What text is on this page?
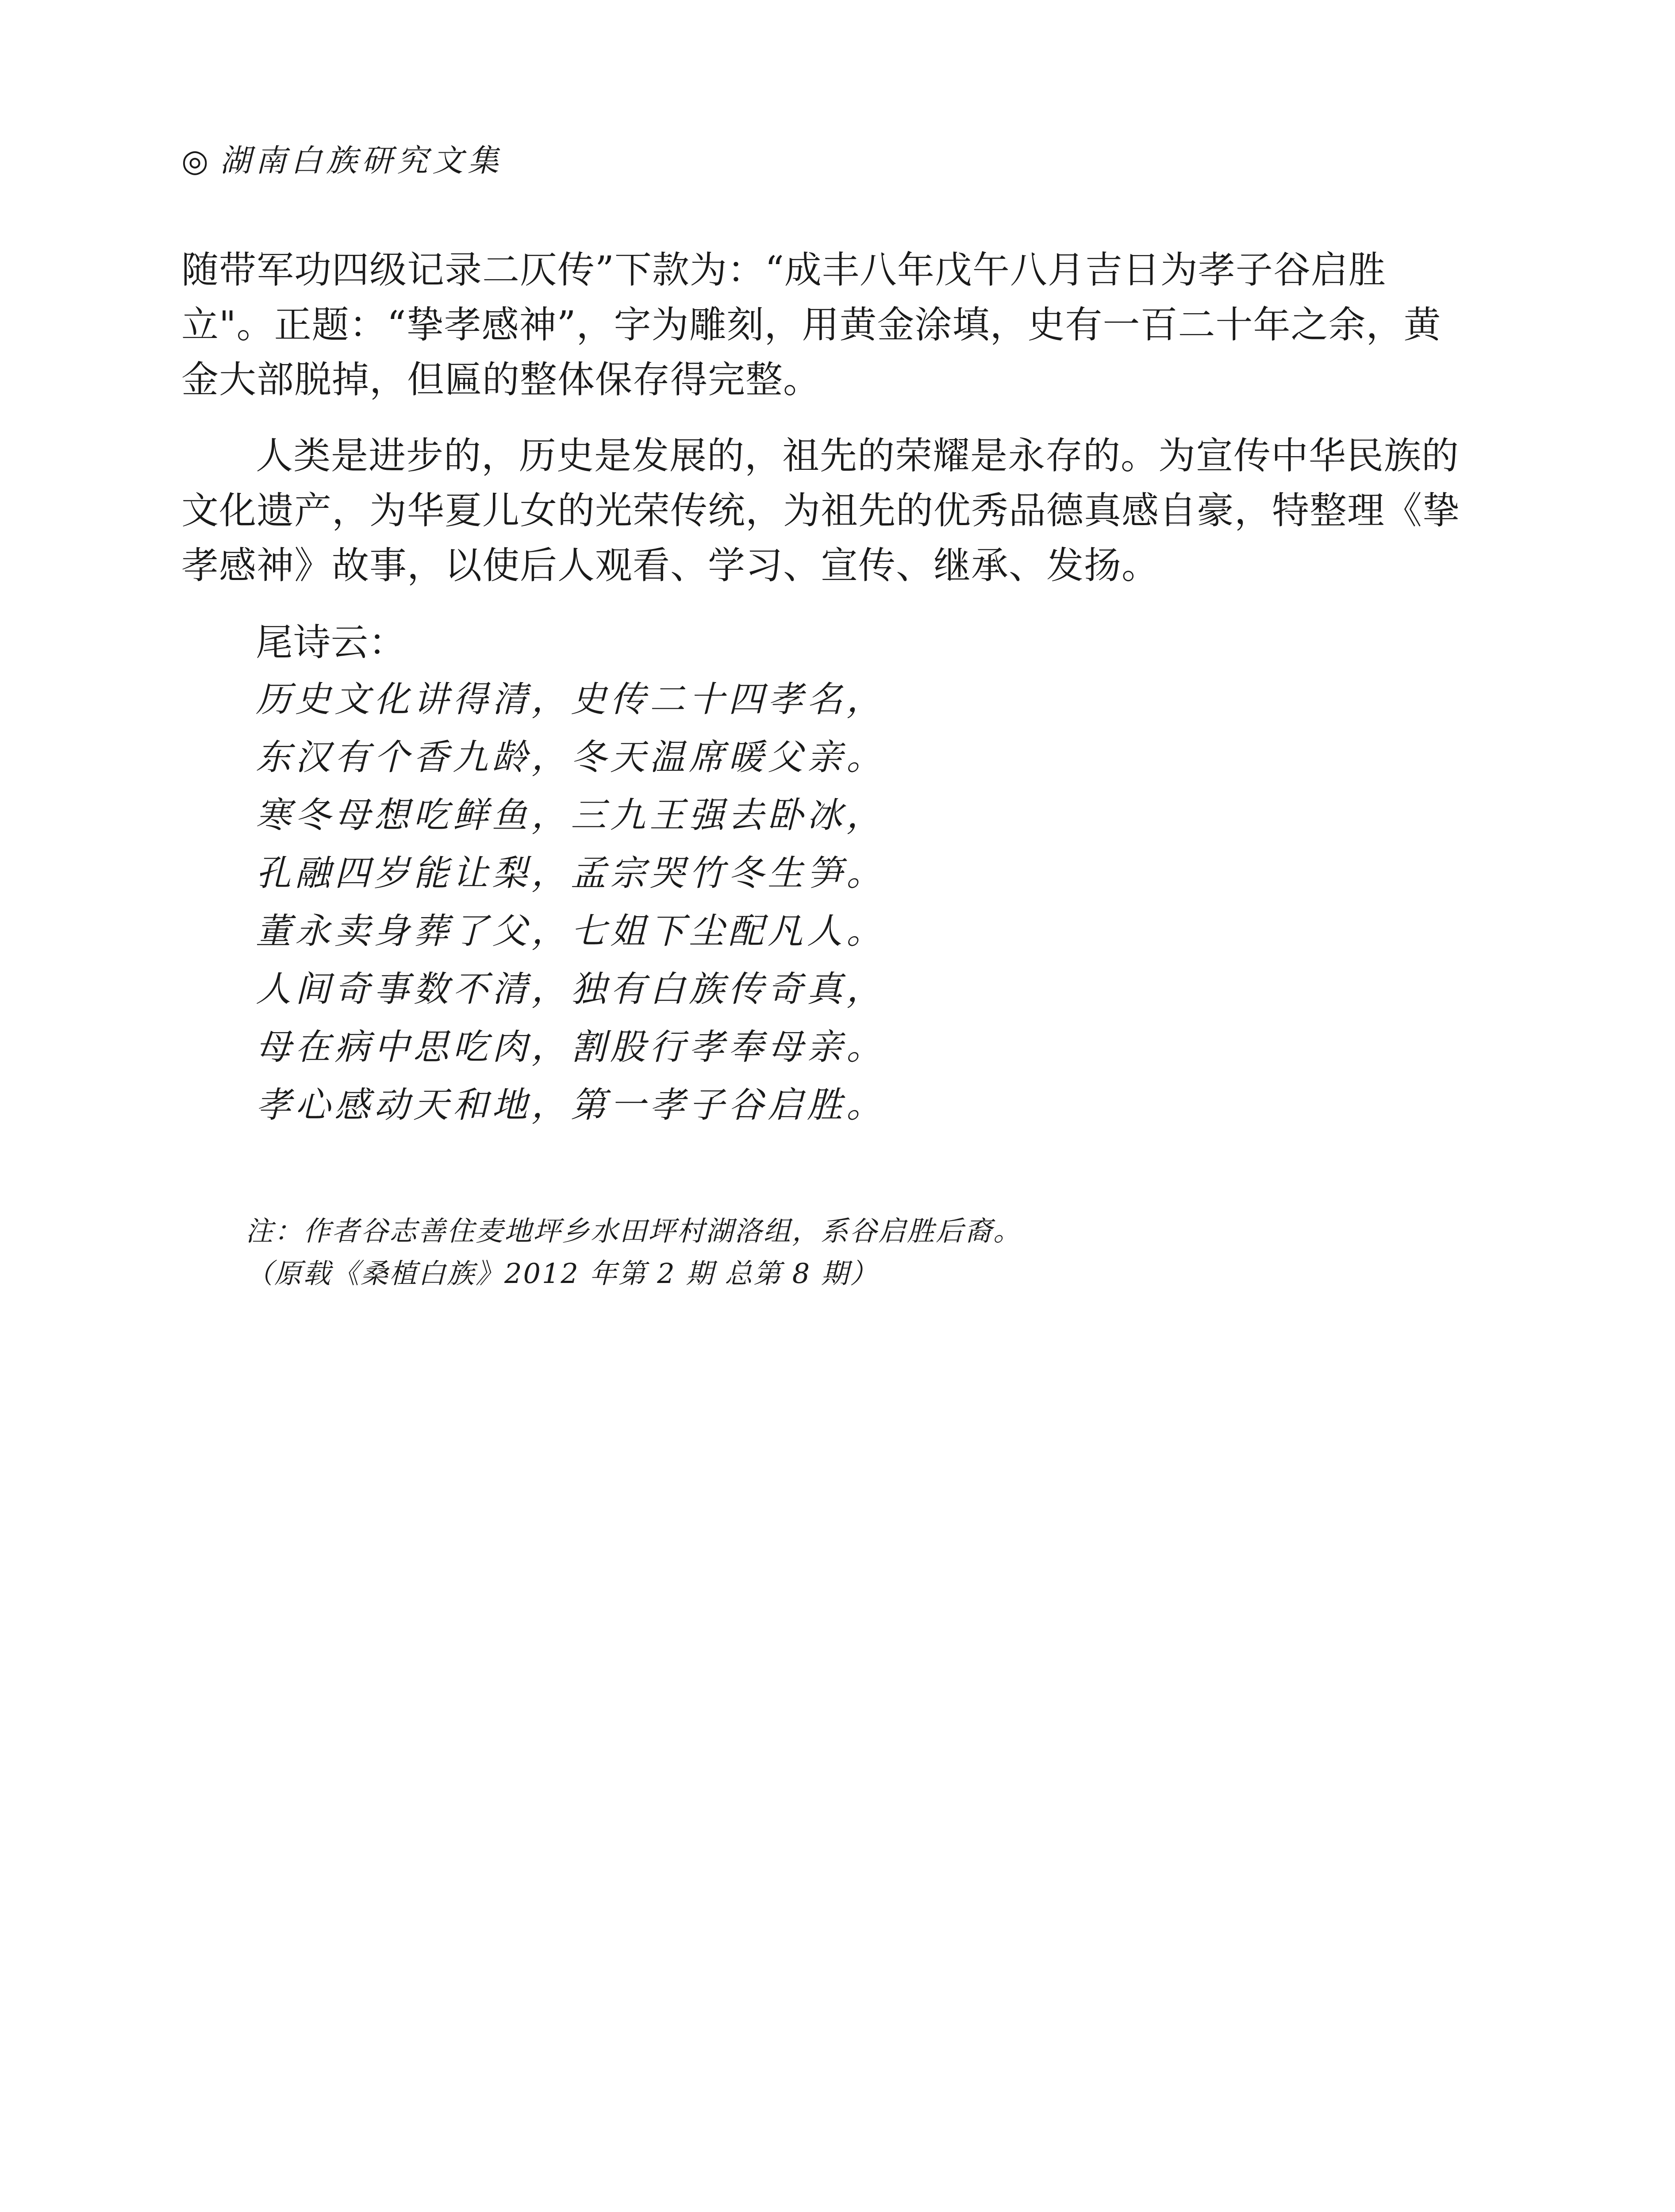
◎ 湖南白族研究文集

随带军功四级记录二仄传”下款为：“成丰八年戊午八月吉日为孝子谷启胜立"。正题：“挚孝感神”，字为雕刻，用黄金涂填，史有一百二十年之余，黄金大部脱掉，但匾的整体保存得完整。

人类是进步的，历史是发展的，祖先的荣耀是永存的。为宣传中华民族的文化遗产，为华夏儿女的光荣传统，为祖先的优秀品德真感自豪，特整理《挚孝感神》故事，以使后人观看、学习、宣传、继承、发扬。

尾诗云：

历史文化讲得清，史传二十四孝名，
东汉有个香九龄，冬天温席暖父亲。
寒冬母想吃鲜鱼，三九王强去卧冰，
孔融四岁能让梨，孟宗哭竹冬生笋。
董永卖身葬了父，七姐下尘配凡人。
人间奇事数不清，独有白族传奇真，
母在病中思吃肉，割股行孝奉母亲。
孝心感动天和地，第一孝子谷启胜。
注：作者谷志善住麦地坪乡水田坪村湖洛组，系谷启胜后裔。
（原载《桑植白族》2012 年第 2 期 总第 8 期）
